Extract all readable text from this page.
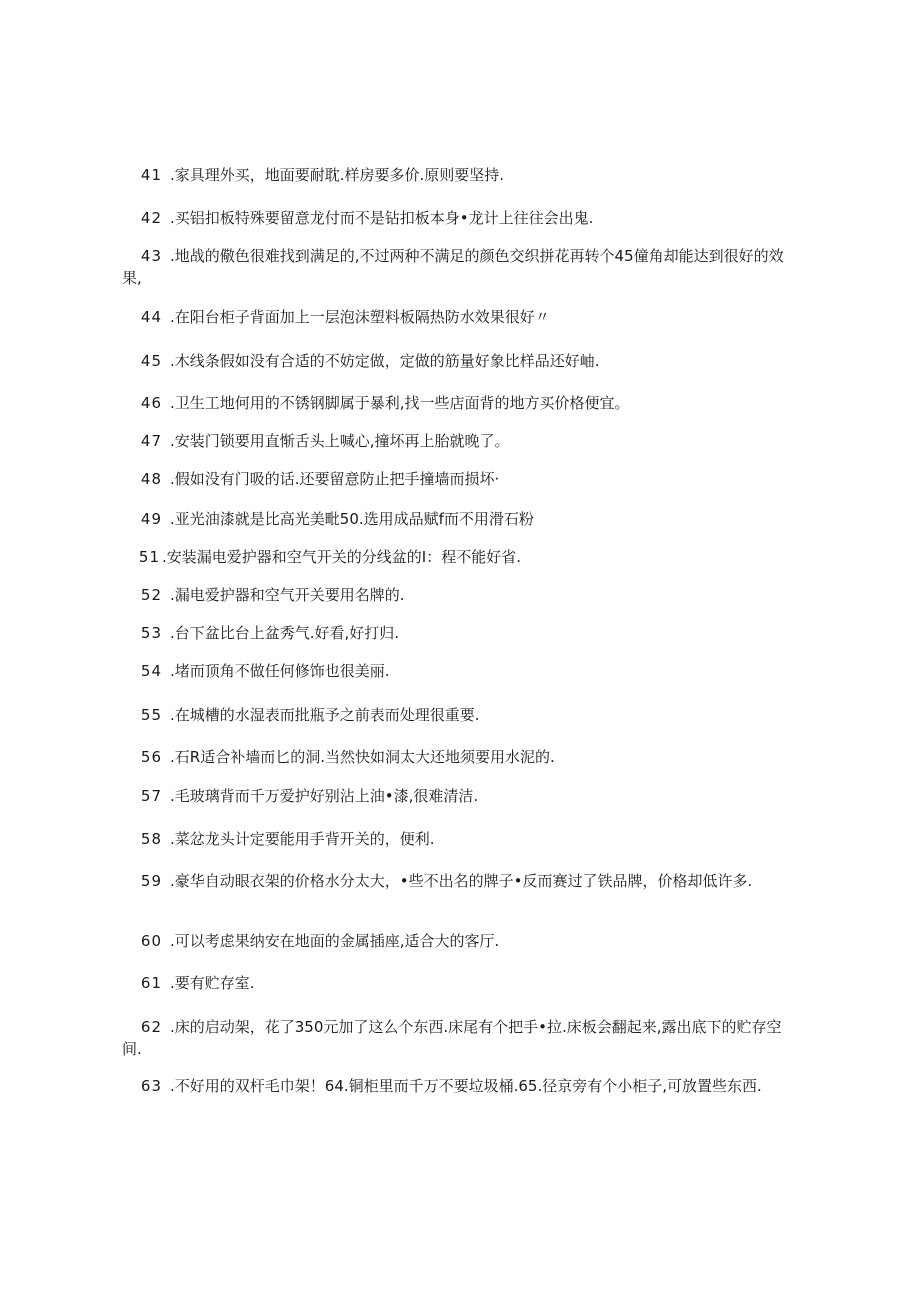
41 .家具理外买，地面要耐耽.样房要多价.原则要坚持.
42 .买铝扣板特殊要留意龙付而不是钻扣板本身•龙计上往往会出鬼.
43 .地战的儆色很难找到满足的,不过两种不满足的颜色交织拼花再转个45僮角却能达到很好的效果,
44 .在阳台柜子背面加上一层泡沫塑料板隔热防水效果很好〃
45 .木线条假如没有合适的不妨定做，定做的筋量好象比样品还好岫.
46 .卫生工地何用的不锈钢脚属于暴利,找一些店面背的地方买价格便宜。
47 .安装门锁要用直惭舌头上喊心,撞坏再上胎就晚了。
48 .假如没有门吸的话.还要留意防止把手撞墙而损坏·
49 .亚光油漆就是比高光美毗50.选用成品赋f而不用滑石粉
51 .安装漏电爱护器和空气开关的分线盆的I：程不能好省.
52 .漏电爱护器和空气开关要用名牌的.
53 .台下盆比台上盆秀气.好看,好打归.
54 .堵而顶角不做任何修饰也很美丽.
55 .在城槽的水湿表而批瓶予之前表而处理很重要.
56 .石R适合补墙而匕的洞.当然快如洞太大还地须要用水泥的.
57 .毛玻璃背而千万爱护好别沾上油•漆,很难清洁.
58 .菜忿龙头计定要能用手背开关的，便利.
59 .豪华自动眼衣架的价格水分太大，•些不出名的牌子•反而赛过了铁品牌，价格却低许多.
60 .可以考虑果纳安在地面的金属插座,适合大的客厅.
61 .要有贮存室.
62 .床的启动架，花了350元加了这么个东西.床尾有个把手•拉.床板会翻起来,露出底下的贮存空间.
63 .不好用的双杆毛巾架！64.铜柜里而千万不要垃圾桶.65.径京旁有个小柜子,可放置些东西.
